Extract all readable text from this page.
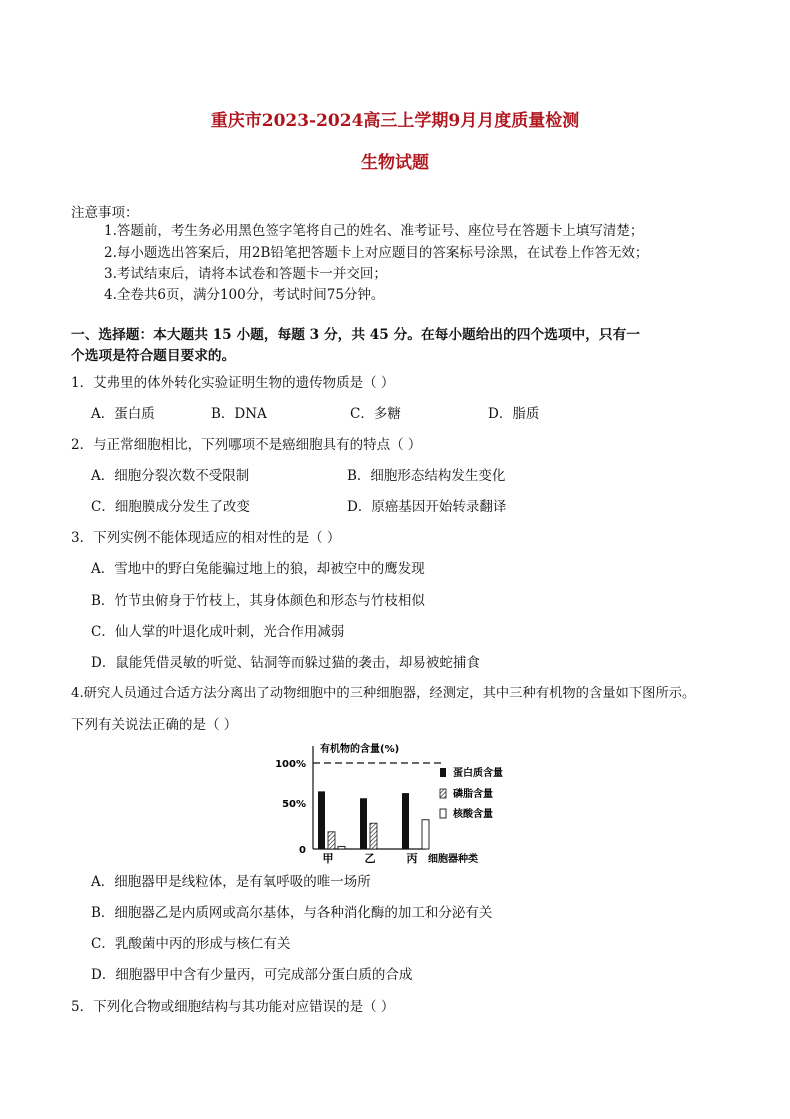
重庆市2023-2024高三上学期9月月度质量检测
生物试题
注意事项：
1.答题前，考生务必用黑色签字笔将自己的姓名、准考证号、座位号在答题卡上填写清楚；
2.每小题选出答案后，用2B铅笔把答题卡上对应题目的答案标号涂黑，在试卷上作答无效；
3.考试结束后，请将本试卷和答题卡一并交回；
4.全卷共6页，满分100分，考试时间75分钟。
一、选择题：本大题共 15 小题，每题 3 分，共 45 分。在每小题给出的四个选项中，只有一
个选项是符合题目要求的。
1．艾弗里的体外转化实验证明生物的遗传物质是（ ）
A．蛋白质	B．DNA	C．多糖	D．脂质
2．与正常细胞相比，下列哪项不是癌细胞具有的特点（ ）
A．细胞分裂次数不受限制	B．细胞形态结构发生变化
C．细胞膜成分发生了改变	D．原癌基因开始转录翻译
3．下列实例不能体现适应的相对性的是（ ）
A．雪地中的野白兔能骗过地上的狼，却被空中的鹰发现
B．竹节虫俯身于竹枝上，其身体颜色和形态与竹枝相似
C．仙人掌的叶退化成叶刺，光合作用减弱
D．鼠能凭借灵敏的听觉、钻洞等而躲过猫的袭击，却易被蛇捕食
4.研究人员通过合适方法分离出了动物细胞中的三种细胞器，经测定，其中三种有机物的含量如下图所示。
下列有关说法正确的是（ ）
有机物的含量(%)
100%
50%
0
甲	乙	丙 细胞器种类
蛋白质含量
磷脂含量
核酸含量
A．细胞器甲是线粒体，是有氧呼吸的唯一场所
B．细胞器乙是内质网或高尔基体，与各种消化酶的加工和分泌有关
C．乳酸菌中丙的形成与核仁有关
D．细胞器甲中含有少量丙，可完成部分蛋白质的合成
5．下列化合物或细胞结构与其功能对应错误的是（ ）
